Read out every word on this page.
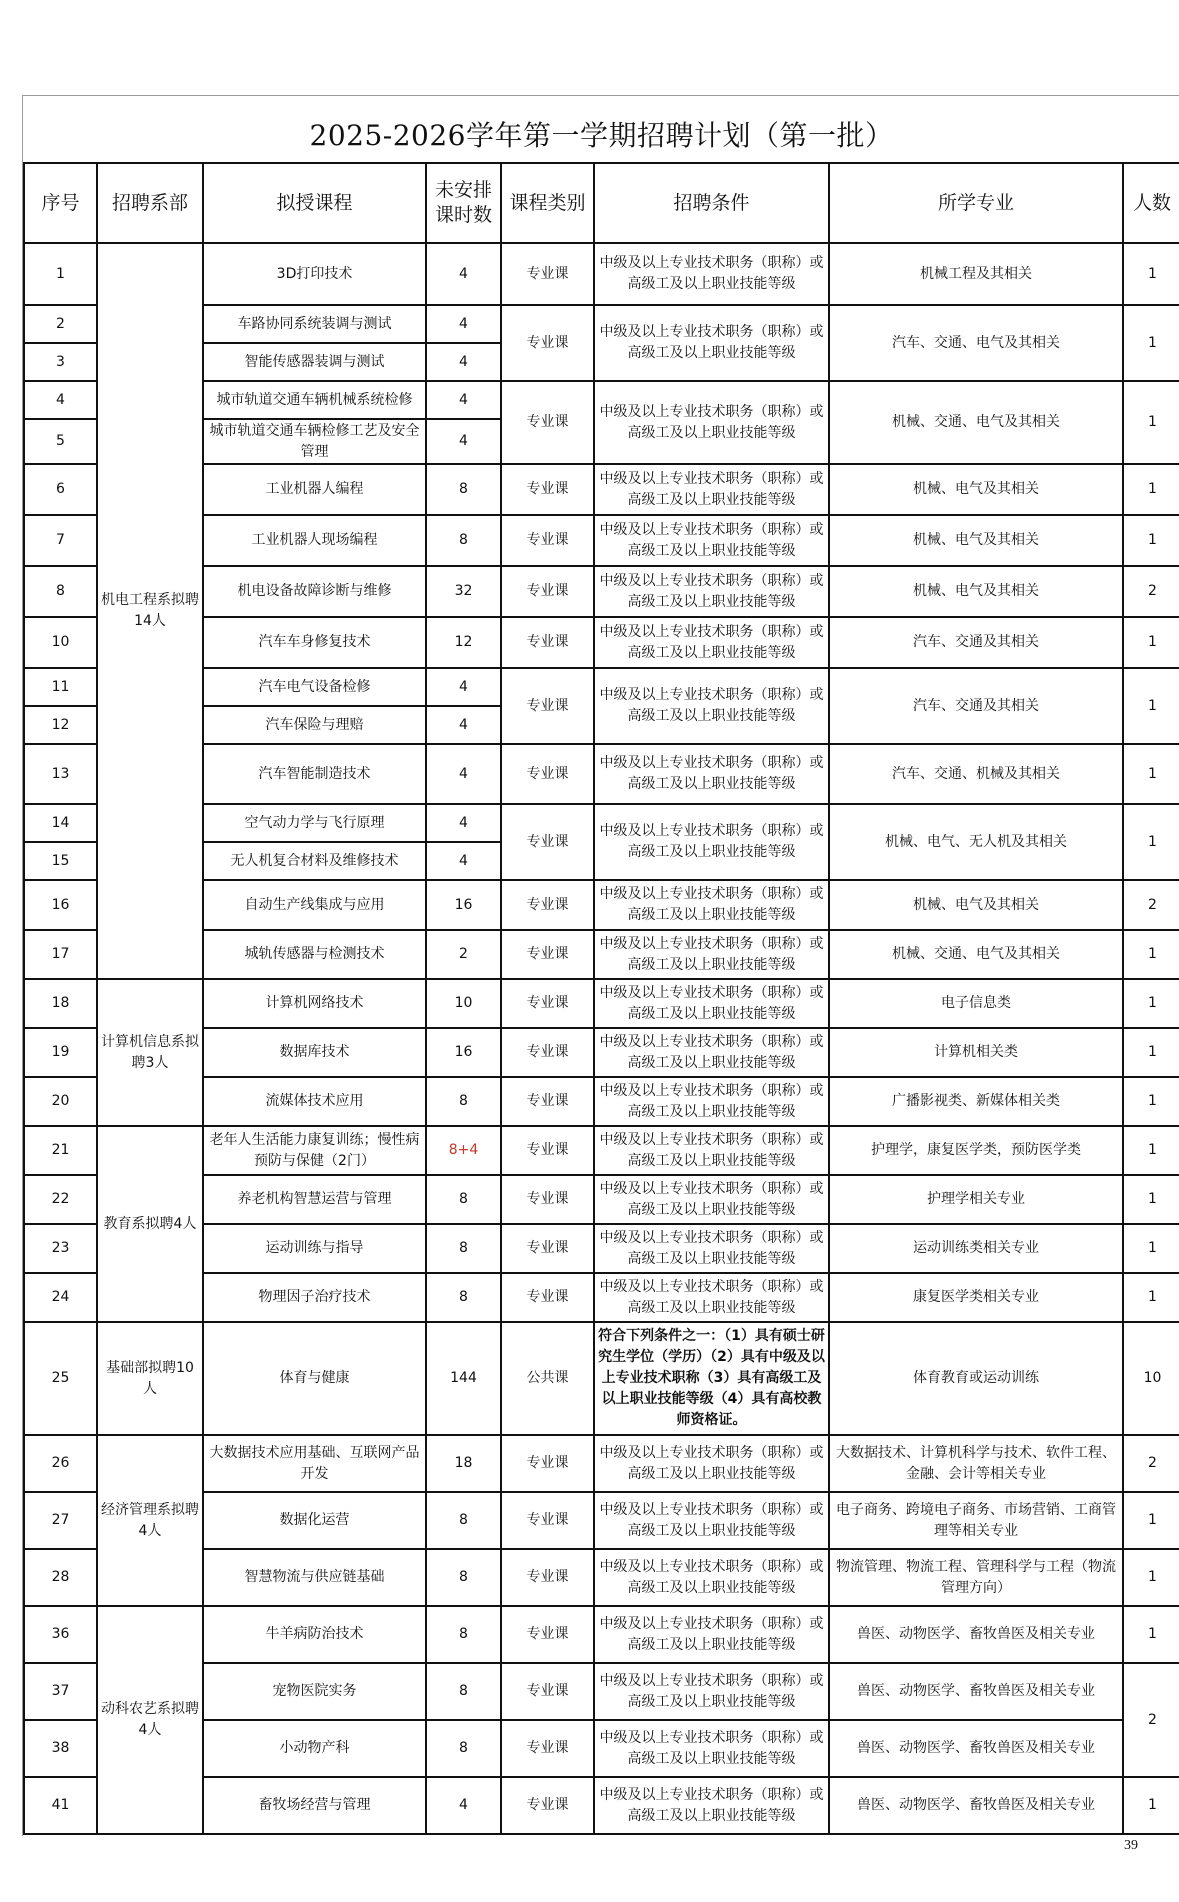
2025-2026学年第一学期招聘计划（第一批）
序号	招聘系部	拟授课程	未安排课时数	课程类别	招聘条件	所学专业	人数
1	机电工程系拟聘14人	3D打印技术	4	专业课	中级及以上专业技术职务（职称）或高级工及以上职业技能等级	机械工程及其相关	1
2		车路协同系统装调与测试	4	专业课	中级及以上专业技术职务（职称）或高级工及以上职业技能等级	汽车、交通、电气及其相关	1
3		智能传感器装调与测试	4				
4		城市轨道交通车辆机械系统检修	4	专业课	中级及以上专业技术职务（职称）或高级工及以上职业技能等级	机械、交通、电气及其相关	1
5		城市轨道交通车辆检修工艺及安全管理	4				
6		工业机器人编程	8	专业课	中级及以上专业技术职务（职称）或高级工及以上职业技能等级	机械、电气及其相关	1
7		工业机器人现场编程	8	专业课	中级及以上专业技术职务（职称）或高级工及以上职业技能等级	机械、电气及其相关	1
8		机电设备故障诊断与维修	32	专业课	中级及以上专业技术职务（职称）或高级工及以上职业技能等级	机械、电气及其相关	2
10		汽车车身修复技术	12	专业课	中级及以上专业技术职务（职称）或高级工及以上职业技能等级	汽车、交通及其相关	1
11		汽车电气设备检修	4	专业课	中级及以上专业技术职务（职称）或高级工及以上职业技能等级	汽车、交通及其相关	1
12		汽车保险与理赔	4				
13		汽车智能制造技术	4	专业课	中级及以上专业技术职务（职称）或高级工及以上职业技能等级	汽车、交通、机械及其相关	1
14		空气动力学与飞行原理	4	专业课	中级及以上专业技术职务（职称）或高级工及以上职业技能等级	机械、电气、无人机及其相关	1
15		无人机复合材料及维修技术	4				
16		自动生产线集成与应用	16	专业课	中级及以上专业技术职务（职称）或高级工及以上职业技能等级	机械、电气及其相关	2
17		城轨传感器与检测技术	2	专业课	中级及以上专业技术职务（职称）或高级工及以上职业技能等级	机械、交通、电气及其相关	1

18	计算机信息系拟聘3人	计算机网络技术	10	专业课	中级及以上专业技术职务（职称）或高级工及以上职业技能等级	电子信息类	1
19		数据库技术	16	专业课	中级及以上专业技术职务（职称）或高级工及以上职业技能等级	计算机相关类	1
20		流媒体技术应用	8	专业课	中级及以上专业技术职务（职称）或高级工及以上职业技能等级	广播影视类、新媒体相关类	1
21	教育系拟聘4人	老年人生活能力康复训练；慢性病预防与保健（2门）	8+4	专业课	中级及以上专业技术职务（职称）或高级工及以上职业技能等级	护理学，康复医学类，预防医学类	1
22		养老机构智慧运营与管理	8	专业课	中级及以上专业技术职务（职称）或高级工及以上职业技能等级	护理学相关专业	1
23		运动训练与指导	8	专业课	中级及以上专业技术职务（职称）或高级工及以上职业技能等级	运动训练类相关专业	1
24		物理因子治疗技术	8	专业课	中级及以上专业技术职务（职称）或高级工及以上职业技能等级	康复医学类相关专业	1
25	基础部拟聘10人	体育与健康	144	公共课	符合下列条件之一：（1）具有硕士研究生学位（学历）（2）具有中级及以上专业技术职称（3）具有高级工及以上职业技能等级（4）具有高校教师资格证。	体育教育或运动训练	10
26	经济管理系拟聘4人	大数据技术应用基础、互联网产品开发	18	专业课	中级及以上专业技术职务（职称）或高级工及以上职业技能等级	大数据技术、计算机科学与技术、软件工程、金融、会计等相关专业	2
27		数据化运营	8	专业课	中级及以上专业技术职务（职称）或高级工及以上职业技能等级	电子商务、跨境电子商务、市场营销、工商管理等相关专业	1
28		智慧物流与供应链基础	8	专业课	中级及以上专业技术职务（职称）或高级工及以上职业技能等级	物流管理、物流工程、管理科学与工程（物流管理方向）	1
36	动科农艺系拟聘4人	牛羊病防治技术	8	专业课	中级及以上专业技术职务（职称）或高级工及以上职业技能等级	兽医、动物医学、畜牧兽医及相关专业	1
37		宠物医院实务	8	专业课	中级及以上专业技术职务（职称）或高级工及以上职业技能等级	兽医、动物医学、畜牧兽医及相关专业	2
38		小动物产科	8	专业课	中级及以上专业技术职务（职称）或高级工及以上职业技能等级	兽医、动物医学、畜牧兽医及相关专业	
41		畜牧场经营与管理	4	专业课	中级及以上专业技术职务（职称）或高级工及以上职业技能等级	兽医、动物医学、畜牧兽医及相关专业	1
39
